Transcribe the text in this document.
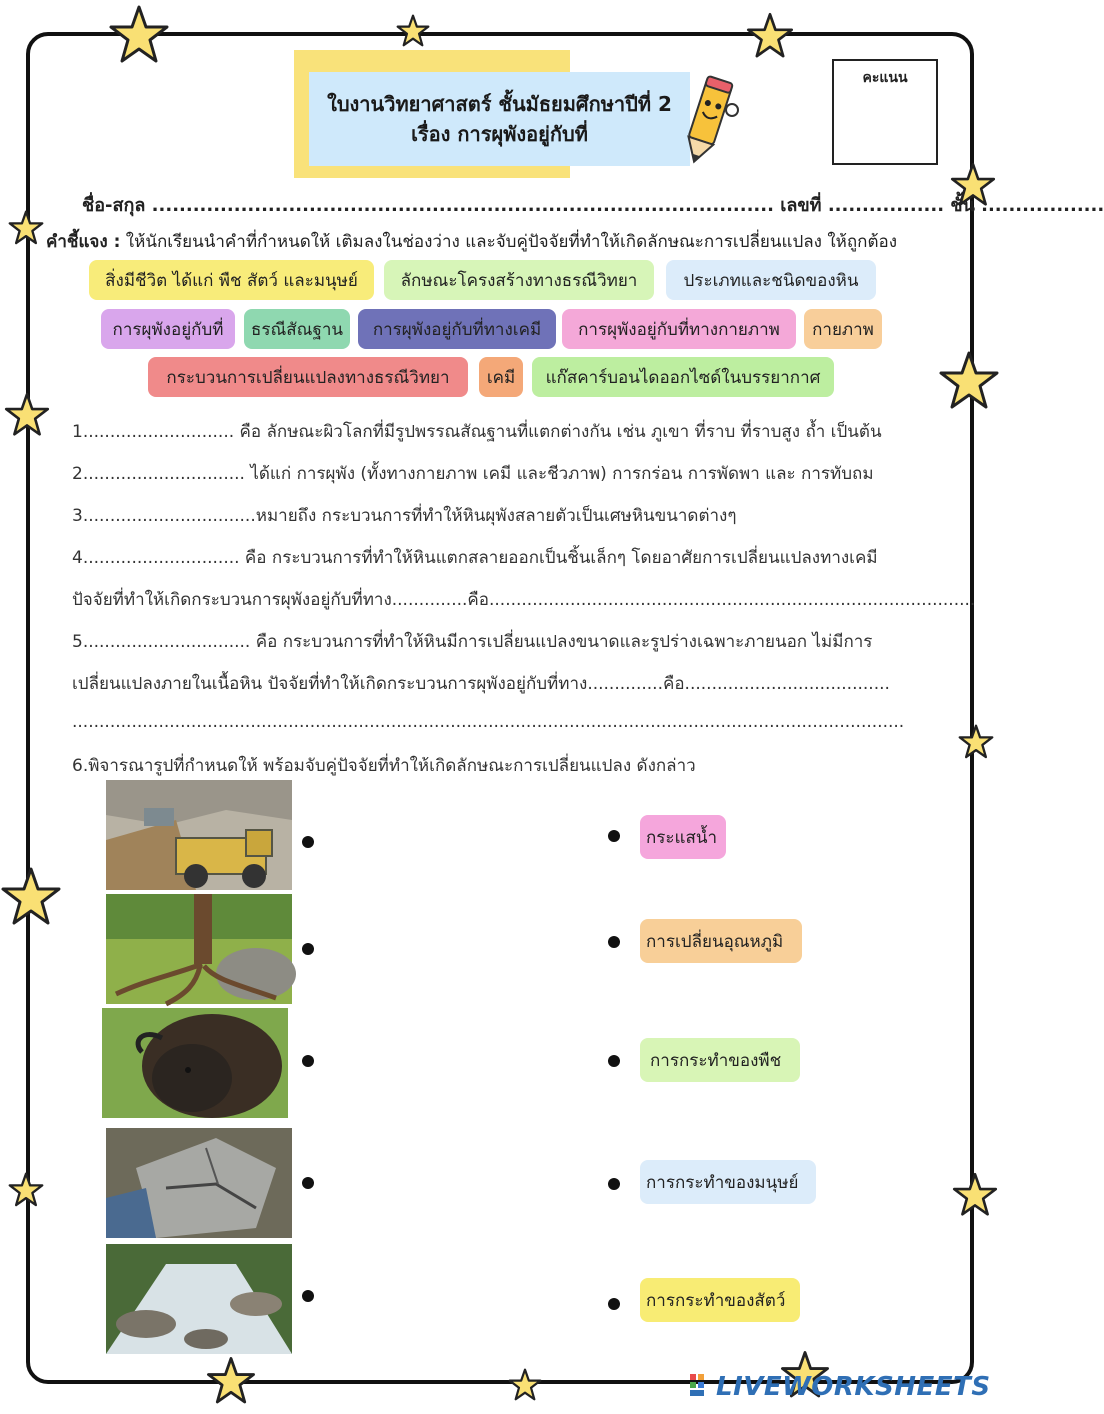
ใบงานวิทยาศาสตร์ ชั้นมัธยมศึกษาปีที่ 2
เรื่อง การผุพังอยู่กับที่
คะแนน
ชื่อ-สกุล ........................................................................................... เลขที่ ................. ชั้น ..................
คำชี้แจง : ให้นักเรียนนำคำที่กำหนดให้ เติมลงในช่องว่าง และจับคู่ปัจจัยที่ทำให้เกิดลักษณะการเปลี่ยนแปลง ให้ถูกต้อง
สิ่งมีชีวิต ได้แก่ พืช สัตว์ และมนุษย์	ลักษณะโครงสร้างทางธรณีวิทยา	ประเภทและชนิดของหิน
การผุพังอยู่กับที่	ธรณีสัณฐาน	การผุพังอยู่กับที่ทางเคมี	การผุพังอยู่กับที่ทางกายภาพ	กายภาพ
กระบวนการเปลี่ยนแปลงทางธรณีวิทยา	เคมี	แก๊สคาร์บอนไดออกไซด์ในบรรยากาศ
1............................ คือ ลักษณะผิวโลกที่มีรูปพรรณสัณฐานที่แตกต่างกัน เช่น ภูเขา ที่ราบ ที่ราบสูง ถ้ำ เป็นต้น
2.............................. ได้แก่ การผุพัง (ทั้งทางกายภาพ เคมี และชีวภาพ) การกร่อน การพัดพา และ การทับถม
3................................หมายถึง กระบวนการที่ทำให้หินผุพังสลายตัวเป็นเศษหินขนาดต่างๆ
4............................. คือ กระบวนการที่ทำให้หินแตกสลายออกเป็นชิ้นเล็กๆ โดยอาศัยการเปลี่ยนแปลงทางเคมี
ปัจจัยที่ทำให้เกิดกระบวนการผุพังอยู่กับที่ทาง..............คือ..........................................................................................
5............................... คือ กระบวนการที่ทำให้หินมีการเปลี่ยนแปลงขนาดและรูปร่างเฉพาะภายนอก ไม่มีการ
เปลี่ยนแปลงภายในเนื้อหิน ปัจจัยที่ทำให้เกิดกระบวนการผุพังอยู่กับที่ทาง..............คือ......................................
..........................................................................................................................................................
6.พิจารณารูปที่กำหนดให้ พร้อมจับคู่ปัจจัยที่ทำให้เกิดลักษณะการเปลี่ยนแปลง ดังกล่าว
กระแสน้ำ
การเปลี่ยนอุณหภูมิ
การกระทำของพืช
การกระทำของมนุษย์
การกระทำของสัตว์
LIVEWORKSHEETS
